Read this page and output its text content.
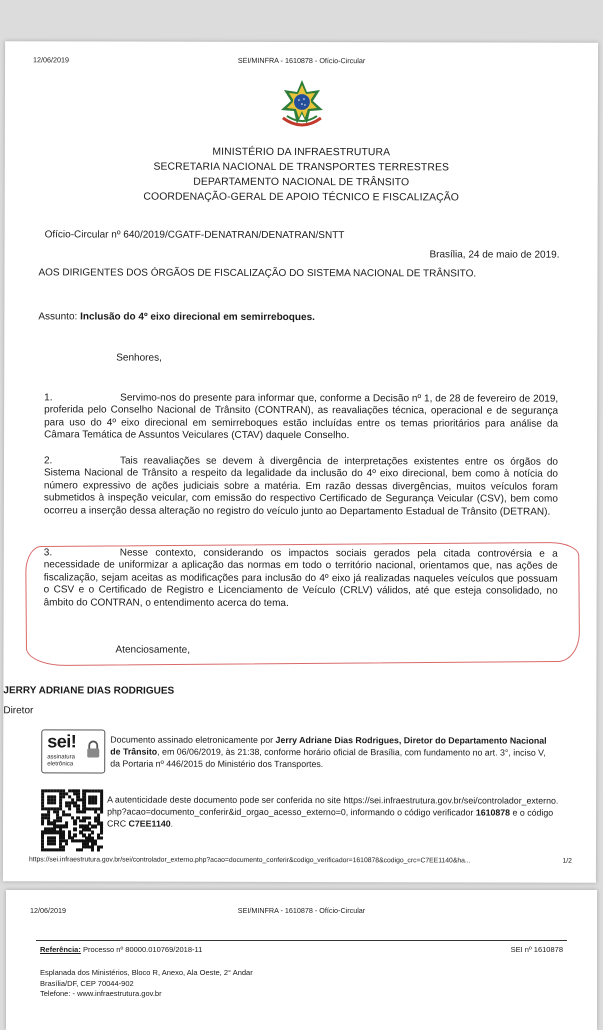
12/06/2019	SEI/MINFRA - 1610878 - Ofício-Circular
MINISTÉRIO DA INFRAESTRUTURA
SECRETARIA NACIONAL DE TRANSPORTES TERRESTRES
DEPARTAMENTO NACIONAL DE TRÂNSITO
COORDENAÇÃO-GERAL DE APOIO TÉCNICO E FISCALIZAÇÃO
Ofício-Circular nº 640/2019/CGATF-DENATRAN/DENATRAN/SNTT
Brasília, 24 de maio de 2019.
AOS DIRIGENTES DOS ÓRGÃOS DE FISCALIZAÇÃO DO SISTEMA NACIONAL DE TRÂNSITO.
Assunto: Inclusão do 4º eixo direcional em semirreboques.
Senhores,
1.	Servimo-nos do presente para informar que, conforme a Decisão nº 1, de 28 de fevereiro de 2019, proferida pelo Conselho Nacional de Trânsito (CONTRAN), as reavaliações técnica, operacional e de segurança para uso do 4º eixo direcional em semirreboques estão incluídas entre os temas prioritários para análise da Câmara Temática de Assuntos Veiculares (CTAV) daquele Conselho.
2.	Tais reavaliações se devem à divergência de interpretações existentes entre os órgãos do Sistema Nacional de Trânsito a respeito da legalidade da inclusão do 4º eixo direcional, bem como à notícia do número expressivo de ações judiciais sobre a matéria. Em razão dessas divergências, muitos veículos foram submetidos à inspeção veicular, com emissão do respectivo Certificado de Segurança Veicular (CSV), bem como ocorreu a inserção dessa alteração no registro do veículo junto ao Departamento Estadual de Trânsito (DETRAN).
3.	Nesse contexto, considerando os impactos sociais gerados pela citada controvérsia e a necessidade de uniformizar a aplicação das normas em todo o território nacional, orientamos que, nas ações de fiscalização, sejam aceitas as modificações para inclusão do 4º eixo já realizadas naqueles veículos que possuam o CSV e o Certificado de Registro e Licenciamento de Veículo (CRLV) válidos, até que esteja consolidado, no âmbito do CONTRAN, o entendimento acerca do tema.
Atenciosamente,
JERRY ADRIANE DIAS RODRIGUES
Diretor
sei!
assinatura
eletrônica
Documento assinado eletronicamente por Jerry Adriane Dias Rodrigues, Diretor do Departamento Nacional de Trânsito, em 06/06/2019, às 21:38, conforme horário oficial de Brasília, com fundamento no art. 3°, inciso V, da Portaria nº 446/2015 do Ministério dos Transportes.
A autenticidade deste documento pode ser conferida no site https://sei.infraestrutura.gov.br/sei/controlador_externo.php?acao=documento_conferir&id_orgao_acesso_externo=0, informando o código verificador 1610878 e o código CRC C7EE1140.
https://sei.infraestrutura.gov.br/sei/controlador_externo.php?acao=documento_conferir&codigo_verificador=1610878&codigo_crc=C7EE1140&ha...	1/2
12/06/2019	SEI/MINFRA - 1610878 - Ofício-Circular
Referência: Processo nº 80000.010769/2018-11	SEI nº 1610878
Esplanada dos Ministérios, Bloco R, Anexo, Ala Oeste, 2° Andar
Brasília/DF, CEP 70044-902
Telefone: - www.infraestrutura.gov.br
